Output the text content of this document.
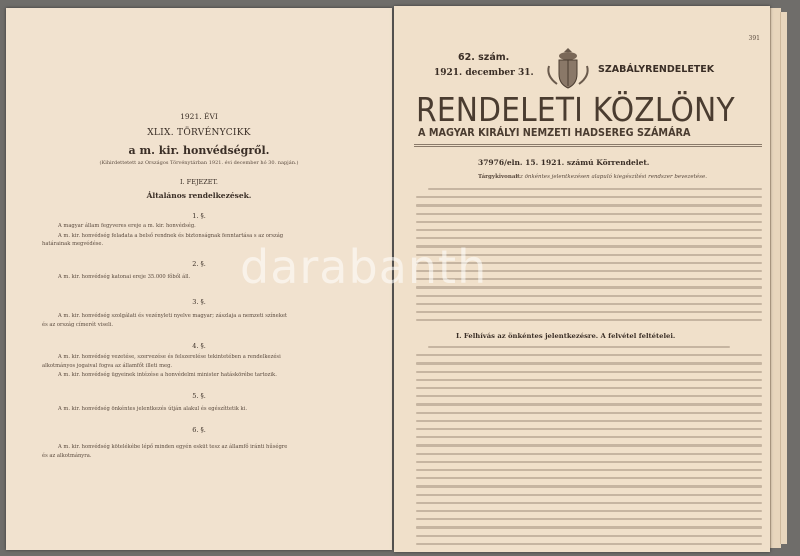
1921. ÉVI
XLIX. TÖRVÉNYCIKK
a m. kir. honvédségről.
(Kihirdettetett az Országos Törvénytárban 1921. évi december hó 30. napján.)
I. FEJEZET.
Általános rendelkezések.
1. §.
A magyar állam fegyveres ereje a m. kir. honvédség.
A m. kir. honvédség feladata a belső rendnek és biztonságnak fenntartása s az ország
határainak megvédése.
2. §.
A m. kir. honvédség katonai ereje 35.000 főből áll.
3. §.
A m. kir. honvédség szolgálati és vezényleti nyelve magyar; zászlaja a nemzeti színeket
és az ország címerét viseli.
4. §.
A m. kir. honvédség vezetése, szervezése és felszerelése tekintetében a rendelkezési
alkotmányos jogaival fogva az államfőt illeti meg.
A m. kir. honvédség ügyeinek intézése a honvédelmi minister hatáskörébe tartozik.
5. §.
A m. kir. honvédség önkéntes jelentkezés útján alakul és egészíttetik ki.
6. §.
A m. kir. honvédség kötelékébe lépő minden egyén esküt tesz az államfő iránti hűségre
és az alkotmányra.
391
62. szám.
1921. december 31.	SZABÁLYRENDELETEK
RENDELETI KÖZLÖNY
A MAGYAR KIRÁLYI NEMZETI HADSEREG SZÁMÁRA
37976/eln. 15. 1921. számú Körrendelet.
Tárgykivonat:
Az önkéntes jelentkezésen alapuló kiegészítési rendszer bevezetése.
I. Felhívás az önkéntes jelentkezésre. A felvétel feltételei.
darabanth
